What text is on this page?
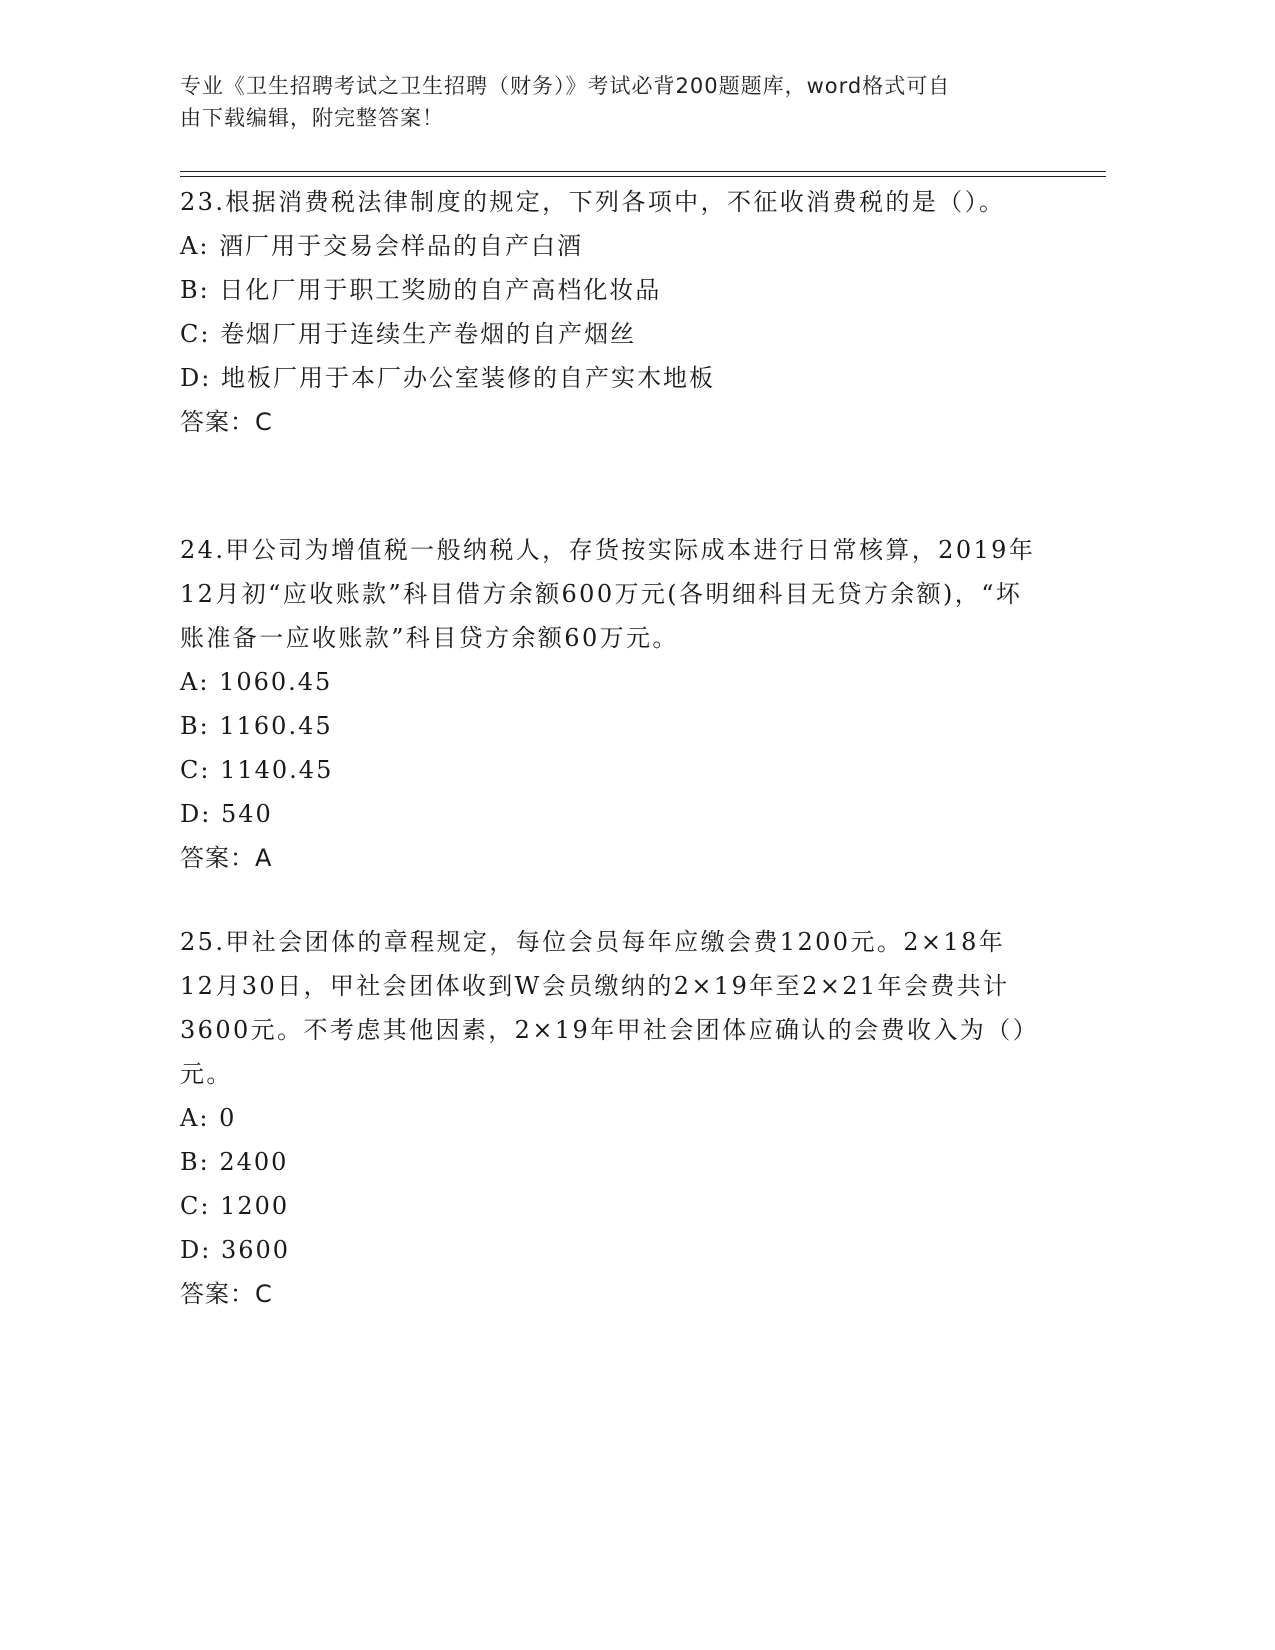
专业《卫生招聘考试之卫生招聘（财务）》考试必背200题题库，word格式可自
由下载编辑，附完整答案！

23.根据消费税法律制度的规定，下列各项中，不征收消费税的是（）。

A: 酒厂用于交易会样品的自产白酒

B: 日化厂用于职工奖励的自产高档化妆品

C: 卷烟厂用于连续生产卷烟的自产烟丝

D: 地板厂用于本厂办公室装修的自产实木地板

答案：C

24.甲公司为增值税一般纳税人，存货按实际成本进行日常核算，2019年12月初“应收账款”科目借方余额600万元(各明细科目无贷方余额)，“坏账准备一应收账款”科目贷方余额60万元。

A: 1060.45

B: 1160.45

C: 1140.45

D: 540

答案：A

25.甲社会团体的章程规定，每位会员每年应缴会费1200元。2×18年12月30日，甲社会团体收到W会员缴纳的2×19年至2×21年会费共计3600元。不考虑其他因素，2×19年甲社会团体应确认的会费收入为（）元。

A: 0

B: 2400

C: 1200

D: 3600

答案：C
